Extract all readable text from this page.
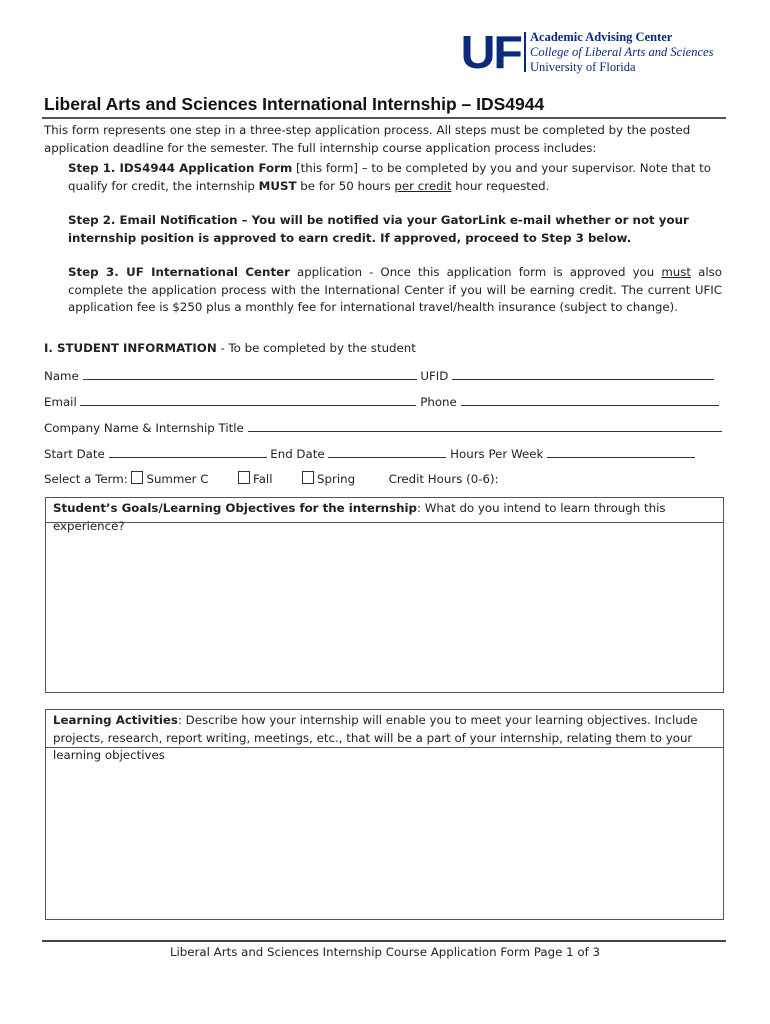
UF Academic Advising Center
College of Liberal Arts and Sciences
University of Florida
Liberal Arts and Sciences International Internship – IDS4944
This form represents one step in a three-step application process. All steps must be completed by the posted application deadline for the semester. The full internship course application process includes:
Step 1. IDS4944 Application Form [this form] – to be completed by you and your supervisor. Note that to qualify for credit, the internship MUST be for 50 hours per credit hour requested.
Step 2. Email Notification – You will be notified via your GatorLink e-mail whether or not your internship position is approved to earn credit. If approved, proceed to Step 3 below.
Step 3. UF International Center application - Once this application form is approved you must also complete the application process with the International Center if you will be earning credit. The current UFIC application fee is $250 plus a monthly fee for international travel/health insurance (subject to change).
I. STUDENT INFORMATION - To be completed by the student
Name	UFID
Email	Phone
Company Name & Internship Title
Start Date	End Date	Hours Per Week
Select a Term: Summer C	Fall	Spring	Credit Hours (0-6):
Student’s Goals/Learning Objectives for the internship: What do you intend to learn through this experience?
Learning Activities: Describe how your internship will enable you to meet your learning objectives. Include projects, research, report writing, meetings, etc., that will be a part of your internship, relating them to your learning objectives
Liberal Arts and Sciences Internship Course Application Form Page 1 of 3
